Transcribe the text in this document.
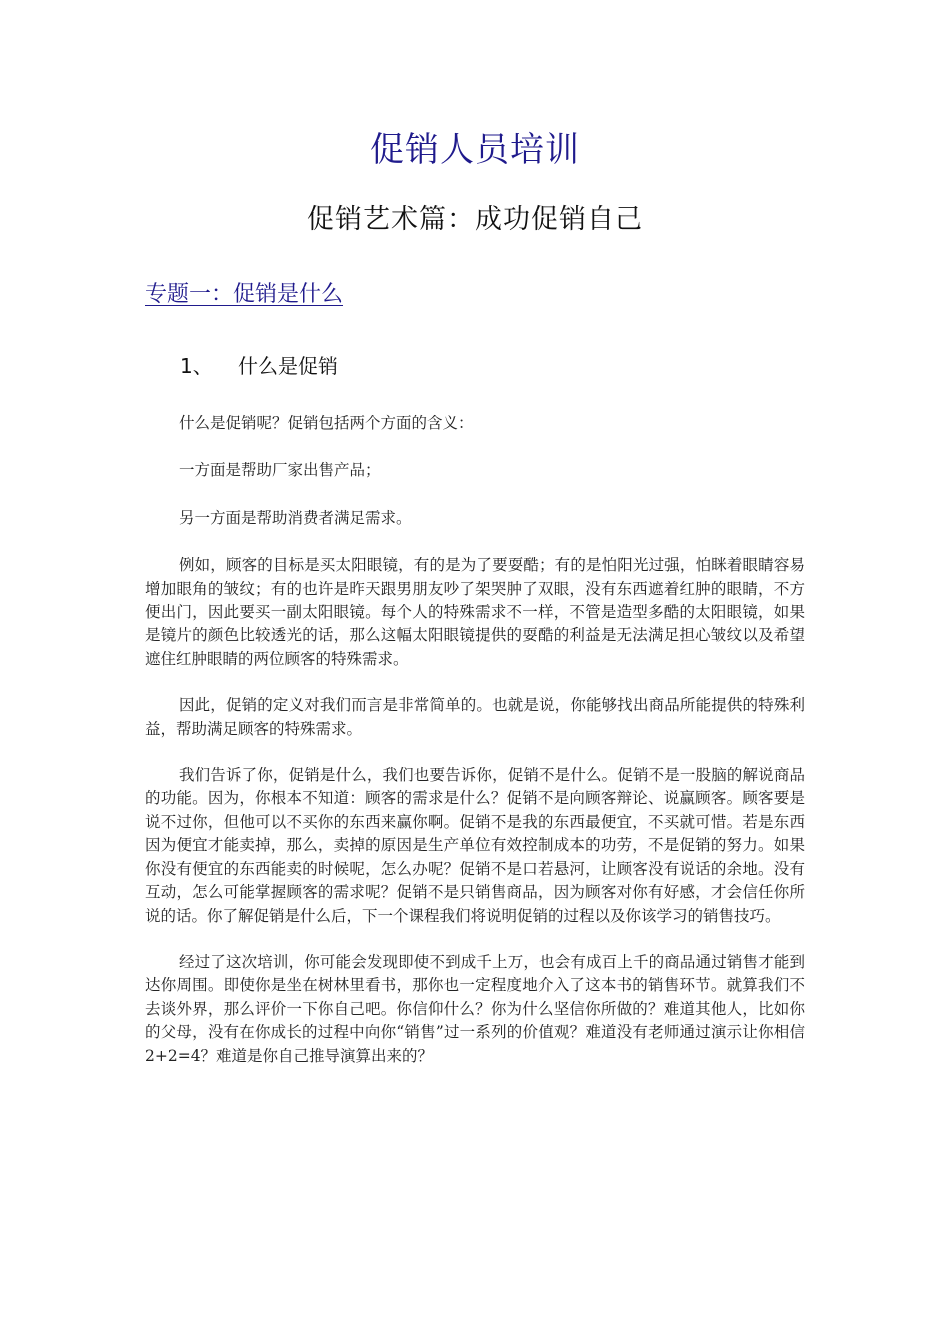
促销人员培训
促销艺术篇：成功促销自己
专题一：促销是什么
1、 什么是促销

什么是促销呢？促销包括两个方面的含义：

一方面是帮助厂家出售产品；

另一方面是帮助消费者满足需求。

例如，顾客的目标是买太阳眼镜，有的是为了要耍酷；有的是怕阳光过强，怕眯着眼睛容易增加眼角的皱纹；有的也许是昨天跟男朋友吵了架哭肿了双眼，没有东西遮着红肿的眼睛，不方便出门，因此要买一副太阳眼镜。每个人的特殊需求不一样，不管是造型多酷的太阳眼镜，如果是镜片的颜色比较透光的话，那么这幅太阳眼镜提供的耍酷的利益是无法满足担心皱纹以及希望遮住红肿眼睛的两位顾客的特殊需求。

因此，促销的定义对我们而言是非常简单的。也就是说，你能够找出商品所能提供的特殊利益，帮助满足顾客的特殊需求。

我们告诉了你，促销是什么，我们也要告诉你，促销不是什么。促销不是一股脑的解说商品的功能。因为，你根本不知道：顾客的需求是什么？促销不是向顾客辩论、说赢顾客。顾客要是说不过你，但他可以不买你的东西来赢你啊。促销不是我的东西最便宜，不买就可惜。若是东西因为便宜才能卖掉，那么，卖掉的原因是生产单位有效控制成本的功劳，不是促销的努力。如果你没有便宜的东西能卖的时候呢，怎么办呢？促销不是口若悬河，让顾客没有说话的余地。没有互动，怎么可能掌握顾客的需求呢？促销不是只销售商品，因为顾客对你有好感，才会信任你所说的话。你了解促销是什么后，下一个课程我们将说明促销的过程以及你该学习的销售技巧。

经过了这次培训，你可能会发现即使不到成千上万，也会有成百上千的商品通过销售才能到达你周围。即使你是坐在树林里看书，那你也一定程度地介入了这本书的销售环节。就算我们不去谈外界，那么评价一下你自己吧。你信仰什么？你为什么坚信你所做的？难道其他人，比如你的父母，没有在你成长的过程中向你“销售”过一系列的价值观？难道没有老师通过演示让你相信 2+2=4？难道是你自己推导演算出来的？
